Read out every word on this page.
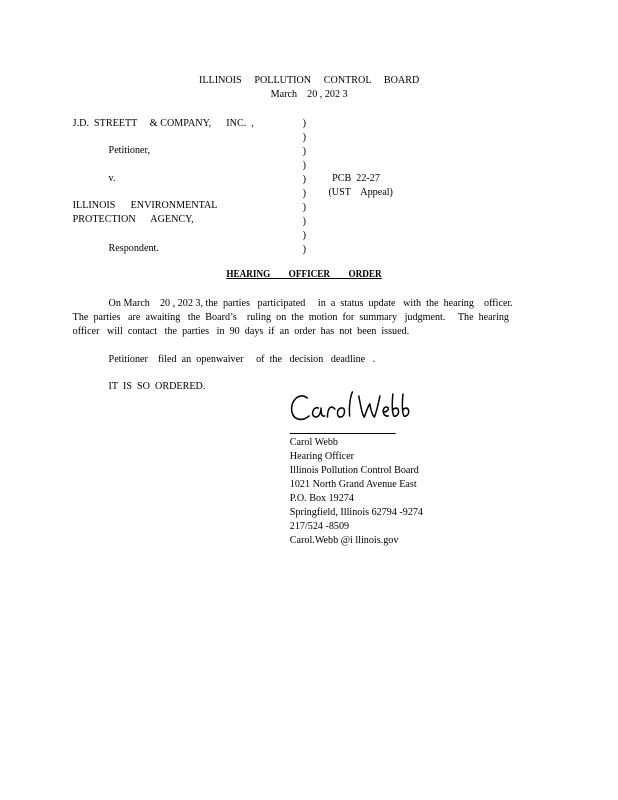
ILLINOIS     POLLUTION     CONTROL     BOARD
March    20 , 202 3
J.D.  STREETT     & COMPANY,      INC.  ,
Petitioner,
v.
ILLINOIS      ENVIRONMENTAL
PROTECTION      AGENCY,
Respondent.
)
)
)
)
)
)
)
)
)
)
PCB  22-27
(UST    Appeal)
HEARING        OFFICER        ORDER
On March    20 , 202 3, the  parties   participated     in  a  status  update   with  the  hearing    officer.
The  parties   are  awaiting   the  Board’s    ruling  on  the  motion  for  summary   judgment.     The  hearing
officer   will  contact   the  parties   in  90  days  if  an  order  has  not  been  issued.
Petitioner    filed  an  openwaiver     of  the   decision   deadline   .
IT  IS  SO  ORDERED.
Carol Webb
Hearing Officer
Illinois Pollution Control Board
1021 North Grand Avenue East
P.O. Box 19274
Springfield, Illinois 62794 -9274
217/524 -8509
Carol.Webb @i llinois.gov
